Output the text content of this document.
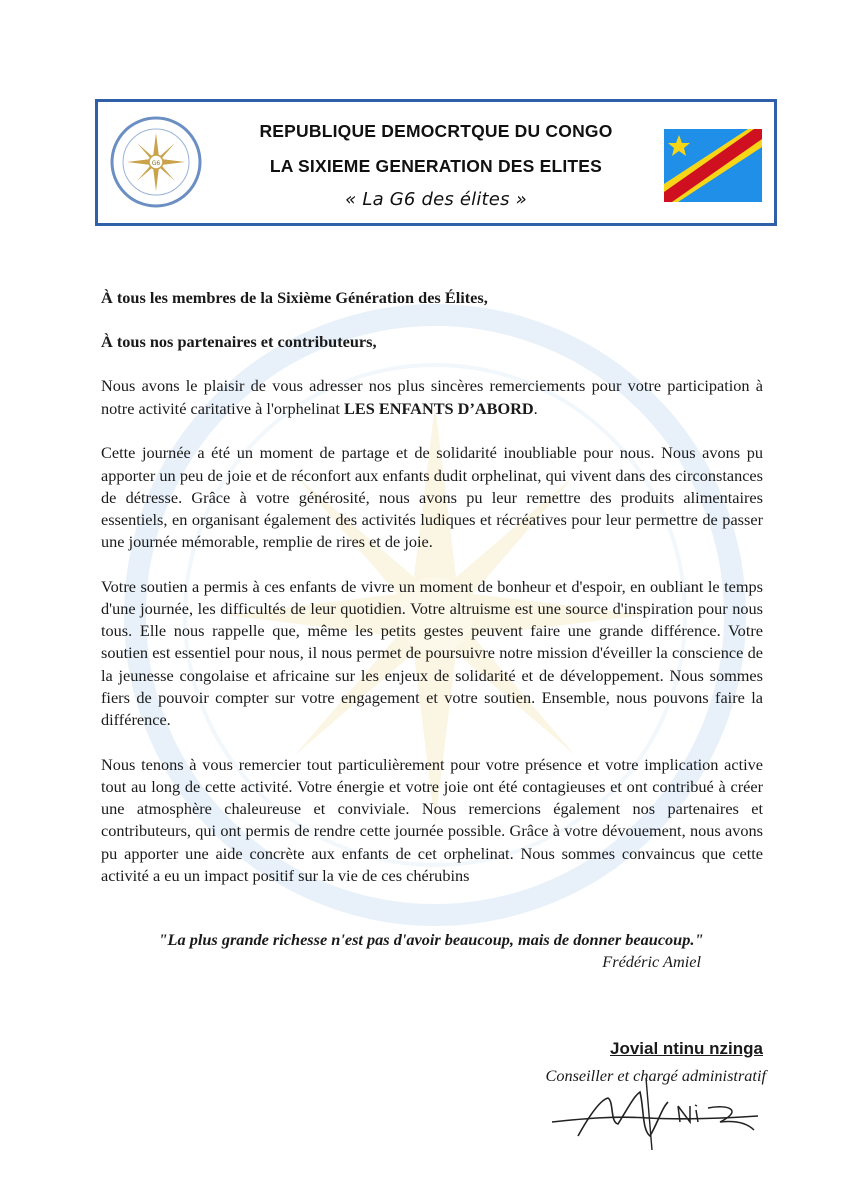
G6
REPUBLIQUE DEMOCRTQUE DU CONGO
LA SIXIEME GENERATION DES ELITES
« La G6 des élites »

À tous les membres de la Sixième Génération des Élites,

À tous nos partenaires et contributeurs,

Nous avons le plaisir de vous adresser nos plus sincères remerciements pour votre participation à notre activité caritative à l'orphelinat LES ENFANTS D’ABORD.

Cette journée a été un moment de partage et de solidarité inoubliable pour nous. Nous avons pu apporter un peu de joie et de réconfort aux enfants dudit orphelinat, qui vivent dans des circonstances de détresse. Grâce à votre générosité, nous avons pu leur remettre des produits alimentaires essentiels, en organisant également des activités ludiques et récréatives pour leur permettre de passer une journée mémorable, remplie de rires et de joie.

Votre soutien a permis à ces enfants de vivre un moment de bonheur et d'espoir, en oubliant le temps d'une journée, les difficultés de leur quotidien. Votre altruisme est une source d'inspiration pour nous tous. Elle nous rappelle que, même les petits gestes peuvent faire une grande différence. Votre soutien est essentiel pour nous, il nous permet de poursuivre notre mission d'éveiller la conscience de la jeunesse congolaise et africaine sur les enjeux de solidarité et de développement. Nous sommes fiers de pouvoir compter sur votre engagement et votre soutien. Ensemble, nous pouvons faire la différence.

Nous tenons à vous remercier tout particulièrement pour votre présence et votre implication active tout au long de cette activité. Votre énergie et votre joie ont été contagieuses et ont contribué à créer une atmosphère chaleureuse et conviviale. Nous remercions également nos partenaires et contributeurs, qui ont permis de rendre cette journée possible. Grâce à votre dévouement, nous avons pu apporter une aide concrète aux enfants de cet orphelinat. Nous sommes convaincus que cette activité a eu un impact positif sur la vie de ces chérubins

"La plus grande richesse n'est pas d'avoir beaucoup, mais de donner beaucoup."
Frédéric Amiel
Jovial ntinu nzinga
Conseiller et chargé administratif
